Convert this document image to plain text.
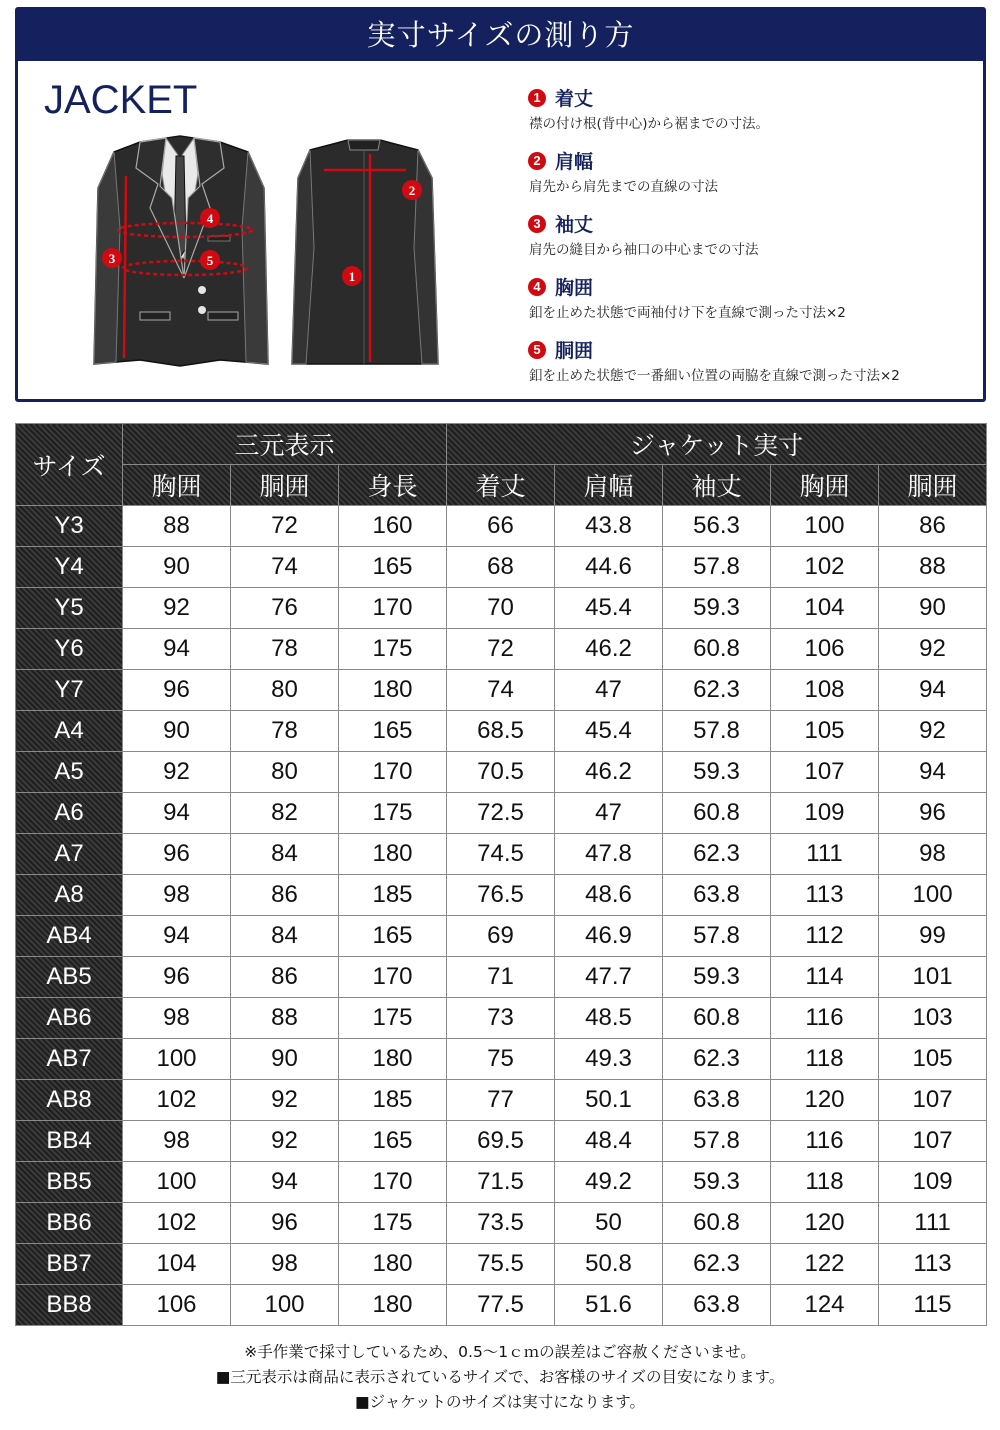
実寸サイズの測り方
JACKET
3
4
5
2
1
1 着丈
襟の付け根(背中心)から裾までの寸法。
2 肩幅
肩先から肩先までの直線の寸法
3 袖丈
肩先の縫目から袖口の中心までの寸法
4 胸囲
釦を止めた状態で両袖付け下を直線で測った寸法×2
5 胴囲
釦を止めた状態で一番細い位置の両脇を直線で測った寸法×2
サイズ	三元表示			ジャケット実寸				
	胸囲	胴囲	身長	着丈	肩幅	袖丈	胸囲	胴囲
Y3	88	72	160	66	43.8	56.3	100	86
Y4	90	74	165	68	44.6	57.8	102	88
Y5	92	76	170	70	45.4	59.3	104	90
Y6	94	78	175	72	46.2	60.8	106	92
Y7	96	80	180	74	47	62.3	108	94
A4	90	78	165	68.5	45.4	57.8	105	92
A5	92	80	170	70.5	46.2	59.3	107	94
A6	94	82	175	72.5	47	60.8	109	96
A7	96	84	180	74.5	47.8	62.3	111	98
A8	98	86	185	76.5	48.6	63.8	113	100
AB4	94	84	165	69	46.9	57.8	112	99
AB5	96	86	170	71	47.7	59.3	114	101
AB6	98	88	175	73	48.5	60.8	116	103
AB7	100	90	180	75	49.3	62.3	118	105
AB8	102	92	185	77	50.1	63.8	120	107
BB4	98	92	165	69.5	48.4	57.8	116	107
BB5	100	94	170	71.5	49.2	59.3	118	109
BB6	102	96	175	73.5	50	60.8	120	111
BB7	104	98	180	75.5	50.8	62.3	122	113
BB8	106	100	180	77.5	51.6	63.8	124	115
※手作業で採寸しているため、0.5〜1ｃｍの誤差はご容赦くださいませ。
■三元表示は商品に表示されているサイズで、お客様のサイズの目安になります。
■ジャケットのサイズは実寸になります。
